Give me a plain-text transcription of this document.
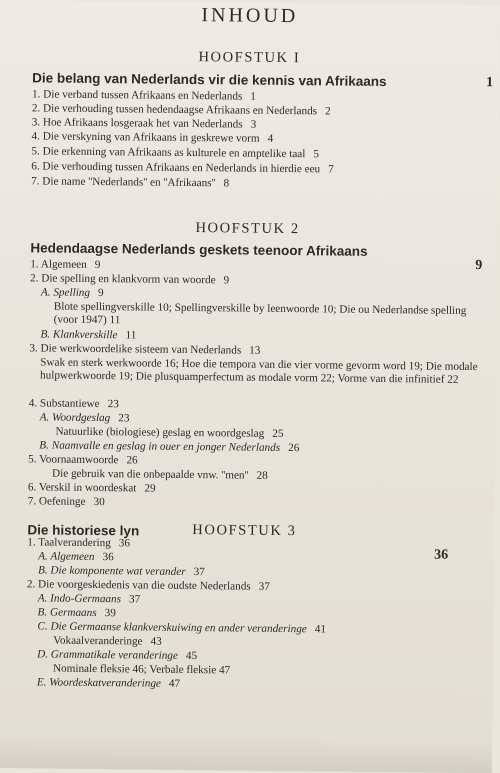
INHOUD
HOOFSTUK I
Die belang van Nederlands vir die kennis van Afrikaans	1
1. Die verband tussen Afrikaans en Nederlands 1
2. Die verhouding tussen hedendaagse Afrikaans en Nederlands 2
3. Hoe Afrikaans losgeraak het van Nederlands 3
4. Die verskyning van Afrikaans in geskrewe vorm 4
5. Die erkenning van Afrikaans as kulturele en amptelike taal 5
6. Die verhouding tussen Afrikaans en Nederlands in hierdie eeu 7
7. Die name ''Nederlands'' en ''Afrikaans'' 8
HOOFSTUK 2
Hedendaagse Nederlands geskets teenoor Afrikaans
9
1. Algemeen 9
2. Die spelling en klankvorm van woorde 9
A. Spelling 9
Blote spellingverskille 10; Spellingverskille by leenwoorde 10; Die ou Nederlandse spelling (voor 1947) 11
B. Klankverskille 11
3. Die werkwoordelike sisteem van Nederlands 13
Swak en sterk werkwoorde 16; Hoe die tempora van die vier vorme gevorm word 19; Die modale hulpwerkwoorde 19; Die plusquamperfectum as modale vorm 22; Vorme van die infinitief 22
4. Substantiewe 23
A. Woordgeslag 23
Natuurlike (biologiese) geslag en woordgeslag 25
B. Naamvalle en geslag in ouer en jonger Nederlands 26
5. Voornaamwoorde 26
Die gebruik van die onbepaalde vnw. ''men'' 28
6. Verskil in woordeskat 29
7. Oefeninge 30
HOOFSTUK 3
Die historiese lyn
36
1. Taalverandering 36
A. Algemeen 36
B. Die komponente wat verander 37
2. Die voorgeskiedenis van die oudste Nederlands 37
A. Indo-Germaans 37
B. Germaans 39
C. Die Germaanse klankverskuiwing en ander veranderinge 41
Vokaalveranderinge 43
D. Grammatikale veranderinge 45
Nominale fleksie 46; Verbale fleksie 47
E. Woordeskatveranderinge 47
